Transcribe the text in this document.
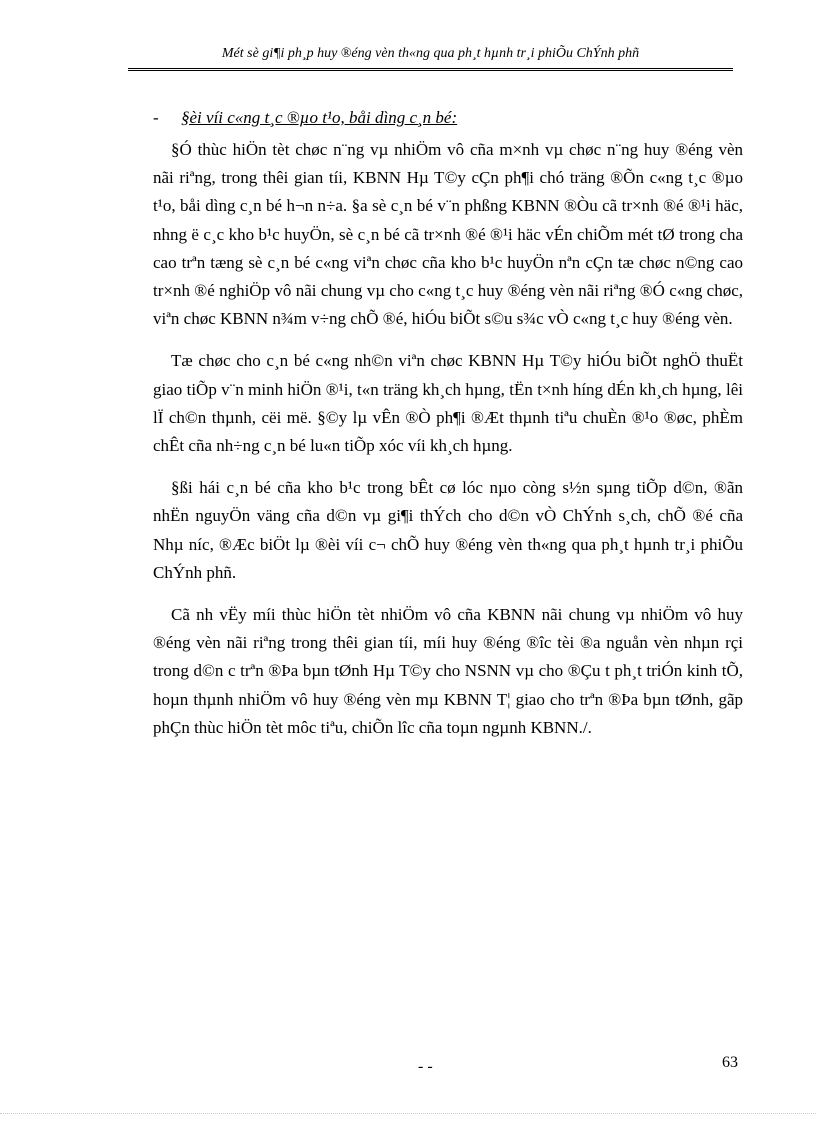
Mét sè gi¶i ph¸p huy ®éng vèn th«ng qua ph¸t hµnh tr¸i phiÕu ChÝnh phñ
- §èi víi c«ng t¸c ®µo t¹o, båi dìng c¸n bé:

§Ó thùc hiÖn tèt chøc n¨ng vµ nhiÖm vô cña m×nh vµ chøc n¨ng huy ®éng vèn nãi riªng, trong thêi gian tíi, KBNN Hµ T©y cÇn ph¶i chó träng ®Õn c«ng t¸c ®µo t¹o, båi dìng c¸n bé h¬n n÷a. §a sè c¸n bé v¨n phßng KBNN ®Òu cã tr×nh ®é ®¹i häc, nhng ë c¸c kho b¹c huyÖn, sè c¸n bé cã tr×nh ®é ®¹i häc vÉn chiÕm mét tØ trong cha cao trªn tæng sè c¸n bé c«ng viªn chøc cña kho b¹c huyÖn nªn cÇn tæ chøc n©ng cao tr×nh ®é nghiÖp vô nãi chung vµ cho c«ng t¸c huy ®éng vèn nãi riªng ®Ó c«ng chøc, viªn chøc KBNN n¾m v÷ng chÕ ®é, hiÓu biÕt s©u s¾c vÒ c«ng t¸c huy ®éng vèn.

Tæ chøc cho c¸n bé c«ng nh©n viªn chøc KBNN Hµ T©y hiÓu biÕt nghÖ thuËt giao tiÕp v¨n minh hiÖn ®¹i, t«n träng kh¸ch hµng, tËn t×nh híng dÉn kh¸ch hµng, lêi lÏ ch©n thµnh, cëi më. §©y lµ vÊn ®Ò ph¶i ®Æt thµnh tiªu chuÈn ®¹o ®øc, phÈm chÊt cña nh÷ng c¸n bé lu«n tiÕp xóc víi kh¸ch hµng.

§ßi hái c¸n bé cña kho b¹c trong bÊt cø lóc nµo còng s½n sµng tiÕp d©n, ®ãn nhËn nguyÖn väng cña d©n vµ gi¶i thÝch cho d©n vÒ ChÝnh s¸ch, chÕ ®é cña Nhµ níc, ®Æc biÖt lµ ®èi víi c¬ chÕ huy ®éng vèn th«ng qua ph¸t hµnh tr¸i phiÕu ChÝnh phñ.

Cã nh vËy míi thùc hiÖn tèt nhiÖm vô cña KBNN nãi chung vµ nhiÖm vô huy ®éng vèn nãi riªng trong thêi gian tíi, míi huy ®éng ®îc tèi ®a nguån vèn nhµn rçi trong d©n c trªn ®Þa bµn tØnh Hµ T©y cho NSNN vµ cho ®Çu t ph¸t triÓn kinh tÕ, hoµn thµnh nhiÖm vô huy ®éng vèn mµ KBNN T¦ giao cho trªn ®Þa bµn tØnh, gãp phÇn thùc hiÖn tèt môc tiªu, chiÕn lîc cña toµn ngµnh KBNN./.

- -	63
